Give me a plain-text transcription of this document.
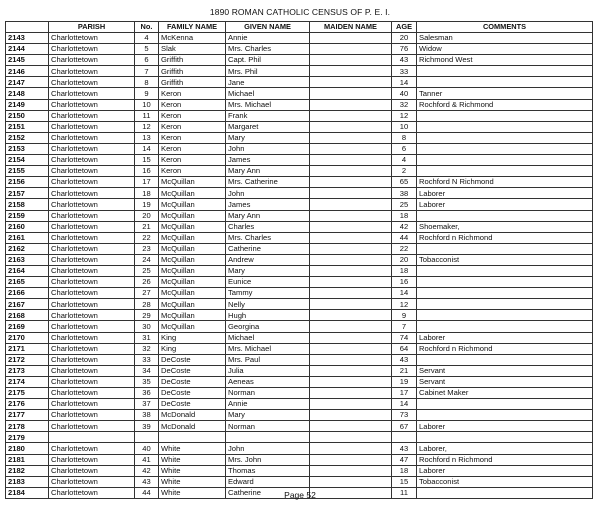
1890 ROMAN CATHOLIC CENSUS OF P. E. I.
	PARISH	No.	FAMILY NAME	GIVEN NAME	MAIDEN NAME	AGE	COMMENTS
2143	Charlottetown	4	McKenna	Annie		20	Salesman
2144	Charlottetown	5	Slak	Mrs. Charles		76	Widow
2145	Charlottetown	6	Griffith	Capt. Phil		43	Richmond West
2146	Charlottetown	7	Griffith	Mrs. Phil		33	
2147	Charlottetown	8	Griffith	Jane		14	
2148	Charlottetown	9	Keron	Michael		40	Tanner
2149	Charlottetown	10	Keron	Mrs. Michael		32	Rochford & Richmond
2150	Charlottetown	11	Keron	Frank		12	
2151	Charlottetown	12	Keron	Margaret		10	
2152	Charlottetown	13	Keron	Mary		8	
2153	Charlottetown	14	Keron	John		6	
2154	Charlottetown	15	Keron	James		4	
2155	Charlottetown	16	Keron	Mary Ann		2	
2156	Charlottetown	17	McQuillan	Mrs. Catherine		65	Rochford N Richmond
2157	Charlottetown	18	McQuillan	John		38	Laborer
2158	Charlottetown	19	McQuillan	James		25	Laborer
2159	Charlottetown	20	McQuillan	Mary Ann		18	
2160	Charlottetown	21	McQuillan	Charles		42	Shoemaker,
2161	Charlottetown	22	McQuillan	Mrs. Charles		44	Rochford n Richmond
2162	Charlottetown	23	McQuillan	Catherine		22	
2163	Charlottetown	24	McQuillan	Andrew		20	Tobacconist
2164	Charlottetown	25	McQuillan	Mary		18	
2165	Charlottetown	26	McQuillan	Eunice		16	
2166	Charlottetown	27	McQuillan	Tammy		14	
2167	Charlottetown	28	McQuillan	Nelly		12	
2168	Charlottetown	29	McQuillan	Hugh		9	
2169	Charlottetown	30	McQuillan	Georgina		7	
2170	Charlottetown	31	King	Michael		74	Laborer
2171	Charlottetown	32	King	Mrs. Michael		64	Rochford n Richmond
2172	Charlottetown	33	DeCoste	Mrs. Paul		43	
2173	Charlottetown	34	DeCoste	Julia		21	Servant
2174	Charlottetown	35	DeCoste	Aeneas		19	Servant
2175	Charlottetown	36	DeCoste	Norman		17	Cabinet Maker
2176	Charlottetown	37	DeCoste	Annie		14	
2177	Charlottetown	38	McDonald	Mary		73	
2178	Charlottetown	39	McDonald	Norman		67	Laborer
2179							
2180	Charlottetown	40	White	John		43	Laborer,
2181	Charlottetown	41	White	Mrs. John		47	Rochford n Richmond
2182	Charlottetown	42	White	Thomas		18	Laborer
2183	Charlottetown	43	White	Edward		15	Tobacconist
2184	Charlottetown	44	White	Catherine		11	
Page 52
